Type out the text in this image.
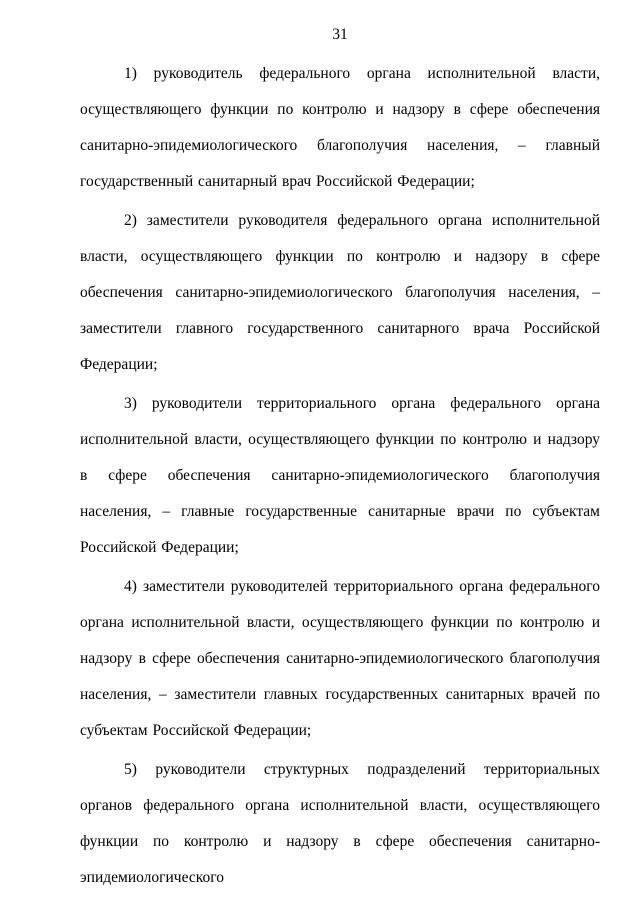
31

1) руководитель федерального органа исполнительной власти, осуществляющего функции по контролю и надзору в сфере обеспечения санитарно-эпидемиологического благополучия населения, – главный государственный санитарный врач Российской Федерации;

2) заместители руководителя федерального органа исполнительной власти, осуществляющего функции по контролю и надзору в сфере обеспечения санитарно-эпидемиологического благополучия населения, – заместители главного государственного санитарного врача Российской Федерации;

3) руководители территориального органа федерального органа исполнительной власти, осуществляющего функции по контролю и надзору в сфере обеспечения санитарно-эпидемиологического благополучия населения, – главные государственные санитарные врачи по субъектам Российской Федерации;

4) заместители руководителей территориального органа федерального органа исполнительной власти, осуществляющего функции по контролю и надзору в сфере обеспечения санитарно-эпидемиологического благополучия населения, – заместители главных государственных санитарных врачей по субъектам Российской Федерации;

5) руководители структурных подразделений территориальных органов федерального органа исполнительной власти, осуществляющего функции по контролю и надзору в сфере обеспечения санитарно-эпидемиологического
